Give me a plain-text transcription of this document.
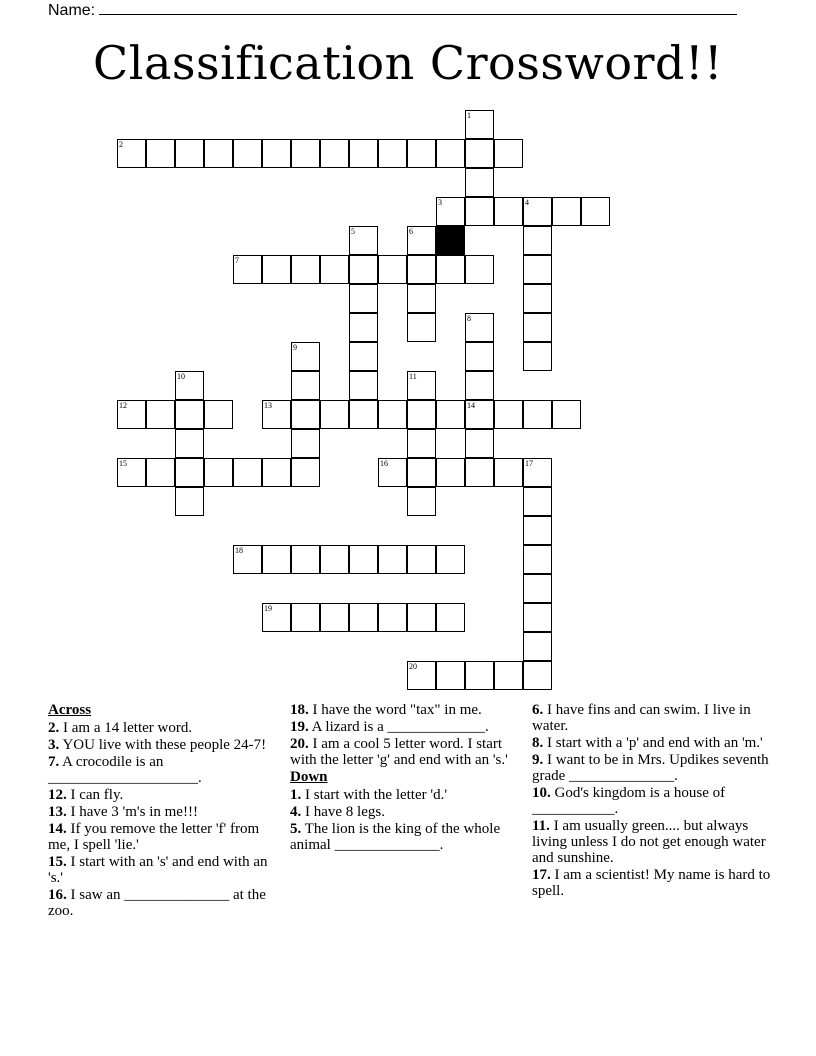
Name:
Classification Crossword!!
1
2
3	4
5	6
7
8
14
9
10	11
12	13
15	16	17
18
19
20
Across
2. I am a 14 letter word.
3. YOU live with these people 24-7!
7. A crocodile is an ____________________.
12. I can fly.
13. I have 3 'm's in me!!!
14. If you remove the letter 'f' from me, I spell 'lie.'
15. I start with an 's' and end with an 's.'
16. I saw an ______________ at the zoo.
18. I have the word "tax" in me.
19. A lizard is a _____________.
20. I am a cool 5 letter word. I start with the letter 'g' and end with an 's.'
Down
1. I start with the letter 'd.'
4. I have 8 legs.
5. The lion is the king of the whole animal ______________.
6. I have fins and can swim. I live in water.
8. I start with a 'p' and end with an 'm.'
9. I want to be in Mrs. Updikes seventh grade ______________.
10. God's kingdom is a house of ___________.
11. I am usually green.... but always living unless I do not get enough water and sunshine.
17. I am a scientist! My name is hard to spell.
